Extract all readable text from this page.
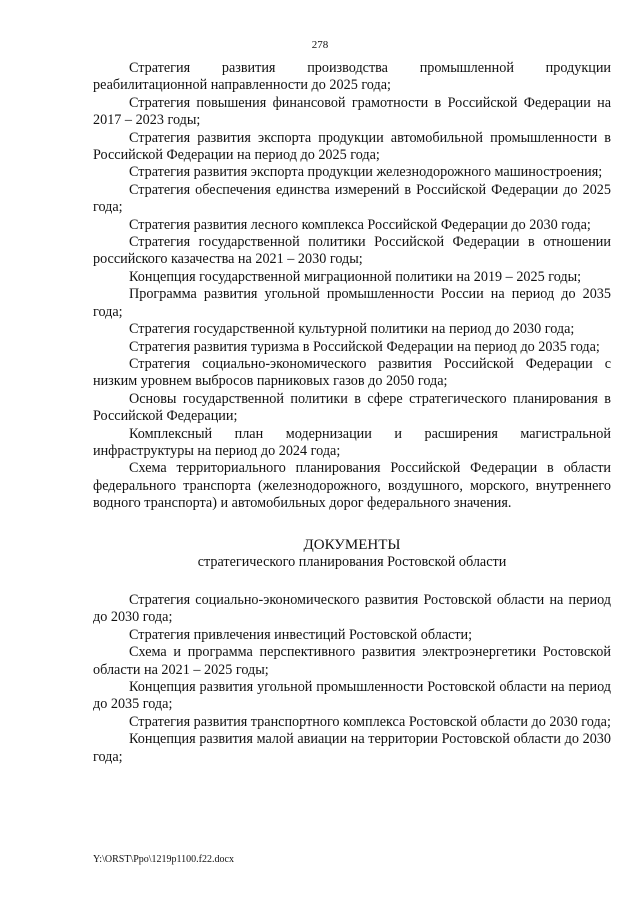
278

Стратегия развития производства промышленной продукции реабилитационной направленности до 2025 года;

Стратегия повышения финансовой грамотности в Российской Федерации на 2017 – 2023 годы;

Стратегия развития экспорта продукции автомобильной промышленности в Российской Федерации на период до 2025 года;

Стратегия развития экспорта продукции железнодорожного машиностроения;

Стратегия обеспечения единства измерений в Российской Федерации до 2025 года;

Стратегия развития лесного комплекса Российской Федерации до 2030 года;

Стратегия государственной политики Российской Федерации в отношении российского казачества на 2021 – 2030 годы;

Концепция государственной миграционной политики на 2019 – 2025 годы;

Программа развития угольной промышленности России на период до 2035 года;

Стратегия государственной культурной политики на период до 2030 года;

Стратегия развития туризма в Российской Федерации на период до 2035 года;

Стратегия социально-экономического развития Российской Федерации с низким уровнем выбросов парниковых газов до 2050 года;

Основы государственной политики в сфере стратегического планирования в Российской Федерации;

Комплексный план модернизации и расширения магистральной инфраструктуры на период до 2024 года;

Схема территориального планирования Российской Федерации в области федерального транспорта (железнодорожного, воздушного, морского, внутреннего водного транспорта) и автомобильных дорог федерального значения.

ДОКУМЕНТЫ

стратегического планирования Ростовской области

Стратегия социально-экономического развития Ростовской области на период до 2030 года;

Стратегия привлечения инвестиций Ростовской области;

Схема и программа перспективного развития электроэнергетики Ростовской области на 2021 – 2025 годы;

Концепция развития угольной промышленности Ростовской области на период до 2035 года;

Стратегия развития транспортного комплекса Ростовской области до 2030 года;

Концепция развития малой авиации на территории Ростовской области до 2030 года;

Y:\ORST\Ppo\1219p1100.f22.docx
